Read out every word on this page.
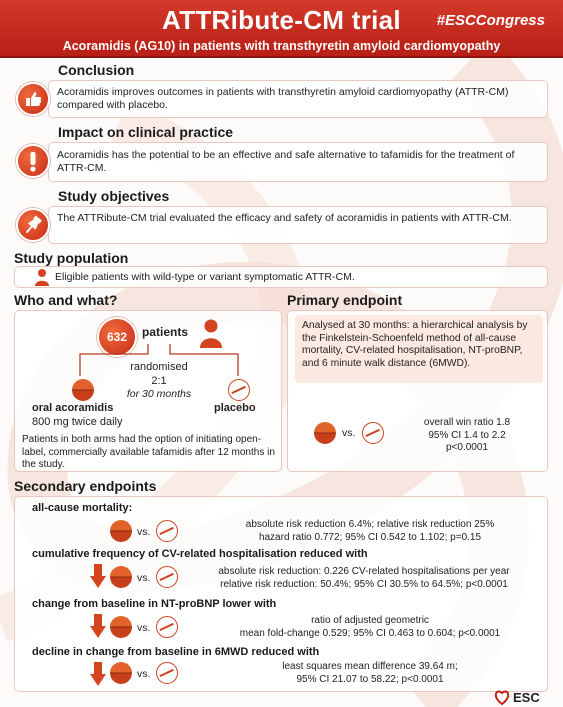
ATTRibute-CM trial	#ESCCongress
Acoramidis (AG10) in patients with transthyretin amyloid cardiomyopathy
Conclusion
Acoramidis improves outcomes in patients with transthyretin amyloid cardiomyopathy (ATTR-CM) compared with placebo.
Impact on clinical practice
Acoramidis has the potential to be an effective and safe alternative to tafamidis for the treatment of ATTR-CM.
Study objectives
The ATTRibute-CM trial evaluated the efficacy and safety of acoramidis in patients with ATTR-CM.
Study population
Eligible patients with wild-type or variant symptomatic ATTR-CM.
Who and what?
632	patients
randomised
2:1
for 30 months
oral acoramidis
800 mg twice daily
placebo
Patients in both arms had the option of initiating open-label, commercially available tafamidis after 12 months in the study.
Primary endpoint
Analysed at 30 months: a hierarchical analysis by the Finkelstein-Schoenfeld method of all-cause mortality, CV-related hospitalisation, NT-proBNP, and 6 minute walk distance (6MWD).
vs.
overall win ratio 1.8
95% CI 1.4 to 2.2
p<0.0001
Secondary endpoints
all-cause mortality:
vs.
absolute risk reduction 6.4%; relative risk reduction 25%
hazard ratio 0.772; 95% CI 0.542 to 1.102; p=0.15
cumulative frequency of CV-related hospitalisation reduced with
vs.
absolute risk reduction: 0.226 CV-related hospitalisations per year
relative risk reduction: 50.4%; 95% CI 30.5% to 64.5%; p<0.0001
change from baseline in NT-proBNP lower with
vs.
ratio of adjusted geometric
mean fold-change 0.529; 95% CI 0.463 to 0.604; p<0.0001
decline in change from baseline in 6MWD reduced with
vs.
least squares mean difference 39.64 m;
95% CI 21.07 to 58.22; p<0.0001
ESC
